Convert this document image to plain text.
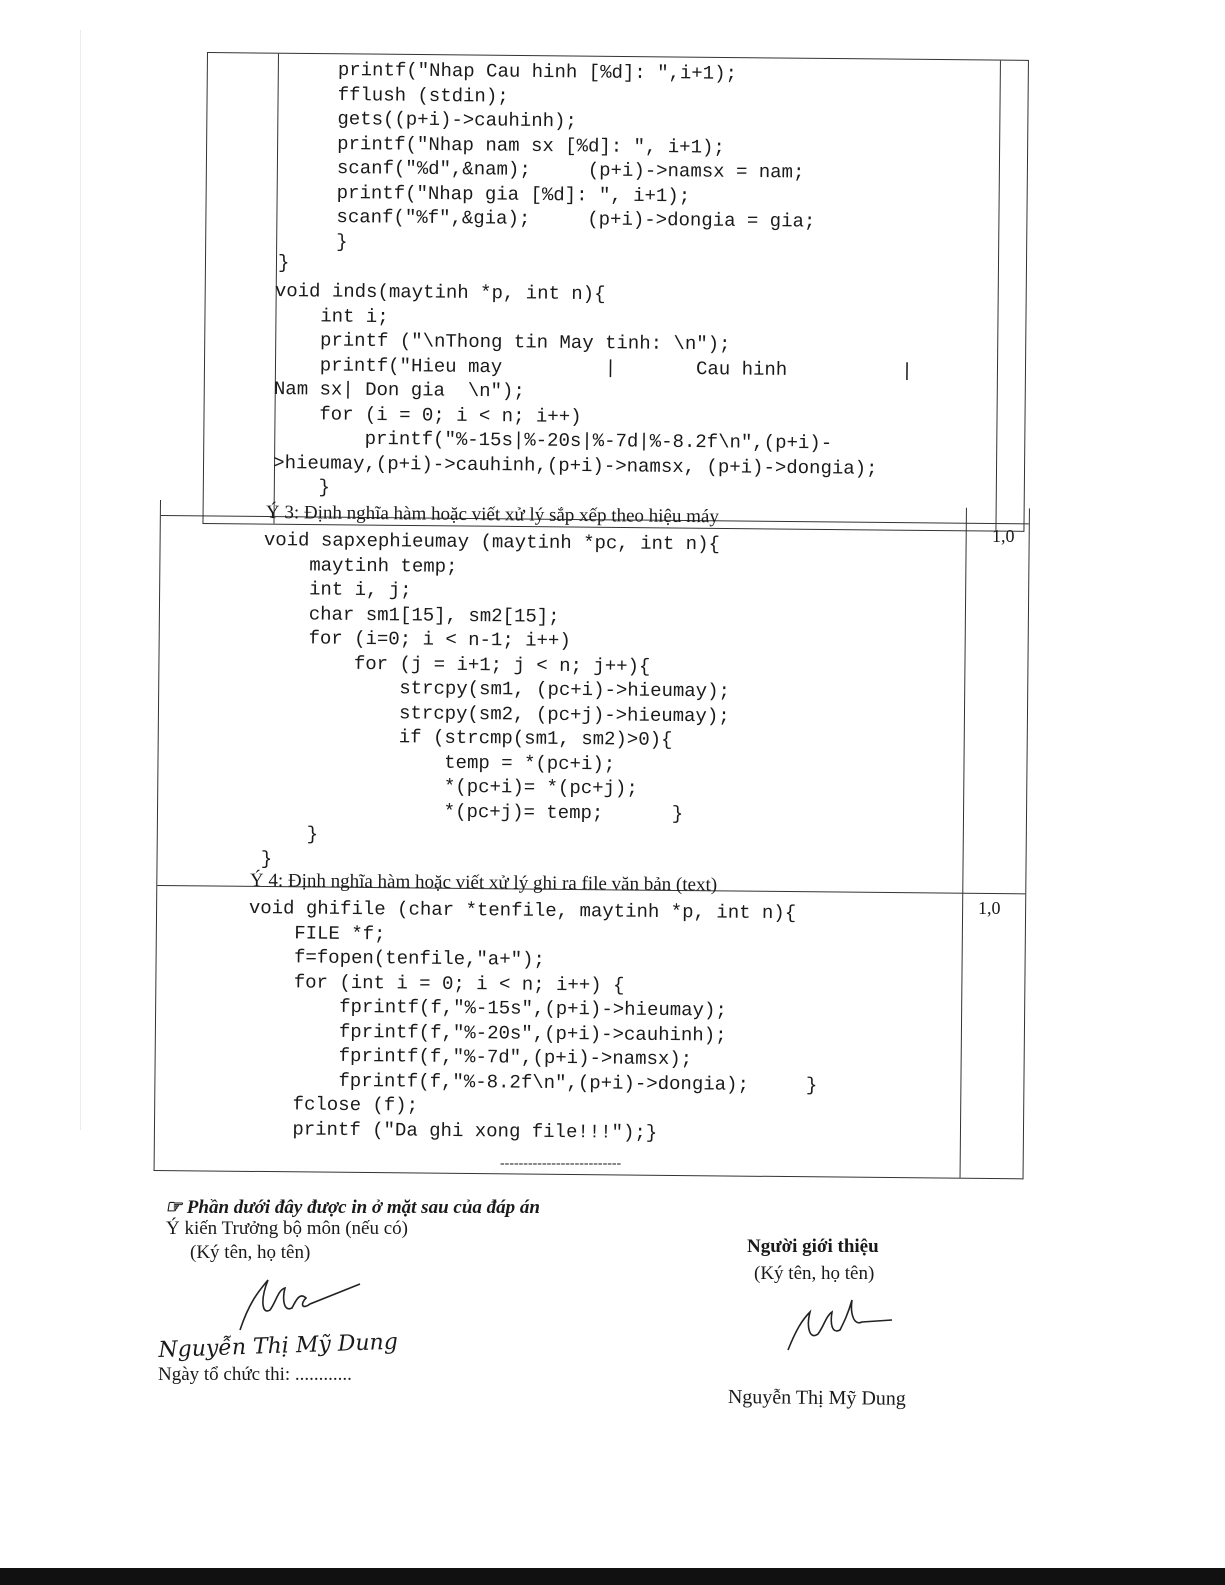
printf("Nhap Cau hinh [%d]: ",i+1);
fflush (stdin);
gets((p+i)->cauhinh);
printf("Nhap nam sx [%d]: ", i+1);
scanf("%d",&nam);     (p+i)->namsx = nam;
printf("Nhap gia [%d]: ", i+1);
scanf("%f",&gia);     (p+i)->dongia = gia;
}
}
void inds(maytinh *p, int n){
int i;
printf ("\nThong tin May tinh: \n");
printf("Hieu may         |       Cau hinh          |
Nam sx| Don gia  \n");
for (i = 0; i < n; i++)
printf("%-15s|%-20s|%-7d|%-8.2f\n",(p+i)-
>hieumay,(p+i)->cauhinh,(p+i)->namsx, (p+i)->dongia);
}
Ý 3: Định nghĩa hàm hoặc viết xử lý sắp xếp theo hiệu máy
1,0
void sapxephieumay (maytinh *pc, int n){
maytinh temp;
int i, j;
char sm1[15], sm2[15];
for (i=0; i < n-1; i++)
for (j = i+1; j < n; j++){
strcpy(sm1, (pc+i)->hieumay);
strcpy(sm2, (pc+j)->hieumay);
if (strcmp(sm1, sm2)>0){
temp = *(pc+i);
*(pc+i)= *(pc+j);
*(pc+j)= temp;      }
}
}
Ý 4: Định nghĩa hàm hoặc viết xử lý ghi ra file văn bản (text)
1,0
void ghifile (char *tenfile, maytinh *p, int n){
FILE *f;
f=fopen(tenfile,"a+");
for (int i = 0; i < n; i++) {
fprintf(f,"%-15s",(p+i)->hieumay);
fprintf(f,"%-20s",(p+i)->cauhinh);
fprintf(f,"%-7d",(p+i)->namsx);
fprintf(f,"%-8.2f\n",(p+i)->dongia);     }
fclose (f);
printf ("Da ghi xong file!!!");}
--------------------------
☞ Phần dưới đây được in ở mặt sau của đáp án
Ý kiến Trưởng bộ môn (nếu có)
(Ký tên, họ tên)
Nguyễn Thị Mỹ Dung
Ngày tổ chức thi: ............
Người giới thiệu
(Ký tên, họ tên)
Nguyễn Thị Mỹ Dung
